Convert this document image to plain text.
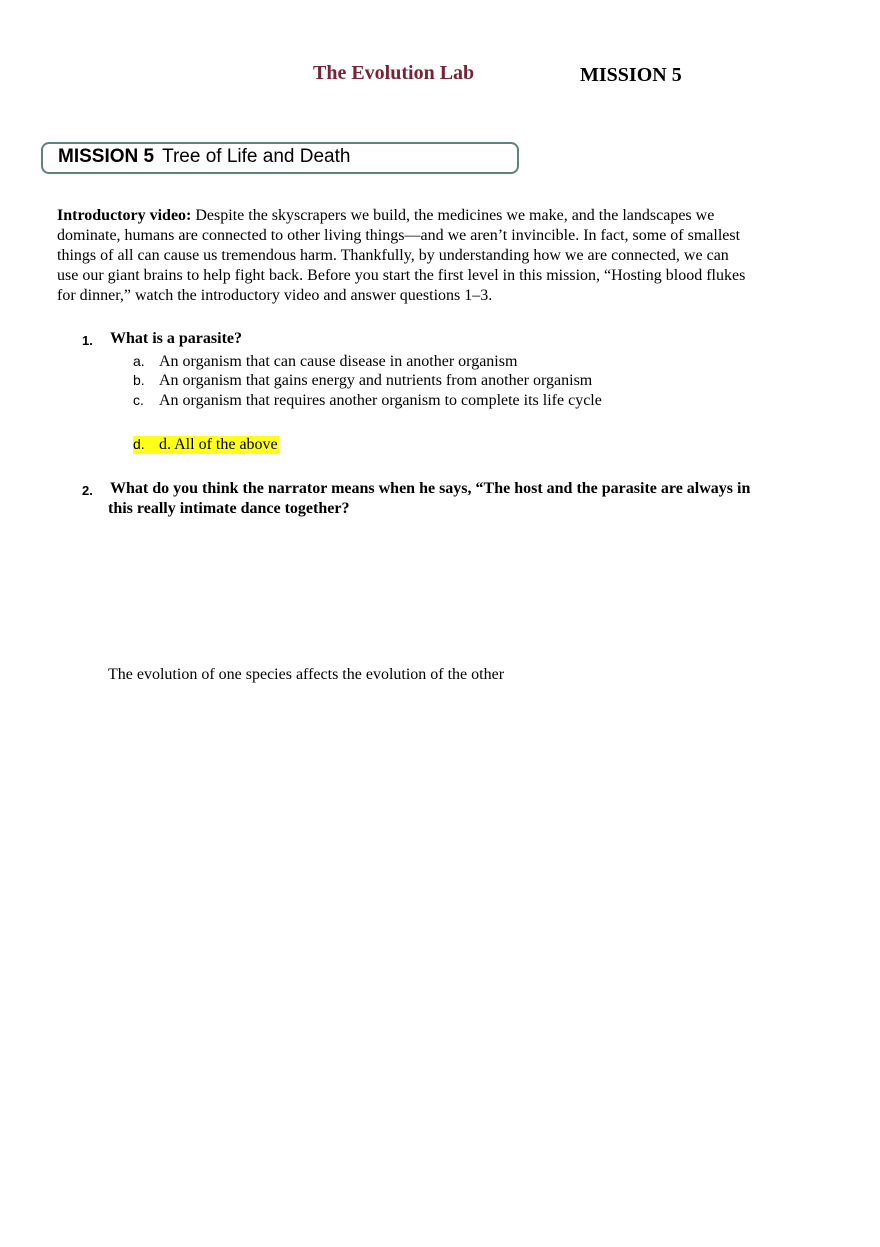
The Evolution Lab	MISSION 5
MISSION 5 Tree of Life and Death
Introductory video: Despite the skyscrapers we build, the medicines we make, and the landscapes we
dominate, humans are connected to other living things—and we aren’t invincible. In fact, some of smallest
things of all can cause us tremendous harm. Thankfully, by understanding how we are connected, we can
use our giant brains to help fight back. Before you start the first level in this mission, “Hosting blood flukes
for dinner,” watch the introductory video and answer questions 1–3.
1. What is a parasite?
a. An organism that can cause disease in another organism
b. An organism that gains energy and nutrients from another organism
c. An organism that requires another organism to complete its life cycle
d. d. All of the above
2. What do you think the narrator means when he says, “The host and the parasite are always in
this really intimate dance together?
The evolution of one species affects the evolution of the other
